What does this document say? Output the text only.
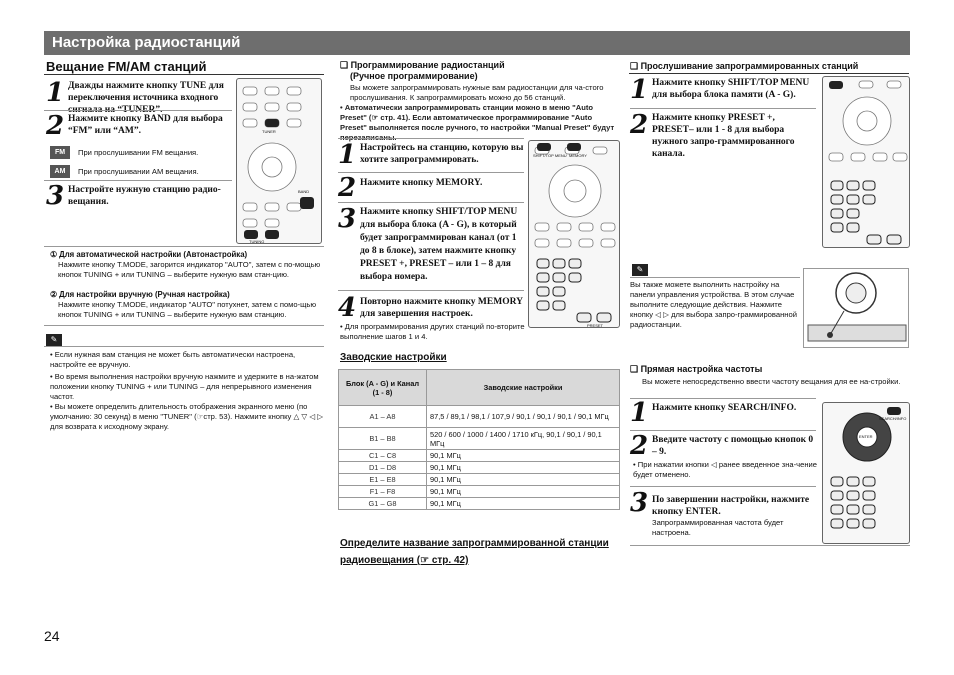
Настройка радиостанций
Вещание FM/AM станций
1 Дважды нажмите кнопку TUNE для переключения источника входного сигнала на “TUNER”.
2 Нажмите кнопку BAND для выбора “FM” или “AM”.
FM	При прослушивании FM вещания.
AM	При прослушивании AM вещания.
3 Настройте нужную станцию радио-вещания.
TUNER
BAND
TUNING
① Для автоматической настройки (Автонастройка)
Нажмите кнопку T.MODE, загорится индикатор "AUTO", затем с по-мощью кнопок TUNING + или TUNING – выберите нужную вам стан-цию.
② Для настройки вручную (Ручная настройка)
Нажмите кнопку T.MODE, индикатор "AUTO" потухнет, затем с помо-щью кнопок TUNING + или TUNING – выберите нужную вам станцию.
✎
• Если нужная вам станция не может быть автоматически настроена, настройте ее вручную.
• Во время выполнения настройки вручную нажмите и удержите в на-жатом положении кнопку TUNING + или TUNING – для непрерывного изменения частот.
• Вы можете определить длительность отображения экранного меню (по умолчанию: 30 секунд) в меню "TUNER" (☞стр. 53). Нажмите кнопку △ ▽ ◁ ▷ для возврата к исходному экрану.
24
❑ Программирование радиостанций
(Ручное программирование)
Вы можете запрограммировать нужные вам радиостанции для ча-стого прослушивания. К запрограммировать можно до 56 станций.
• Автоматически запрограммировать станции можно в меню "Auto Preset" (☞ стр. 41). Если автоматическое программирование "Auto Preset" выполняется после ручного, то настройки "Manual Preset" будут перезаписаны.
1 Настройтесь на станцию, которую вы хотите запрограммировать.
2 Нажмите кнопку MEMORY.
3 Нажмите кнопку SHIFT/TOP MENU для выбора блока (A - G), в который будет запрограммирован канал (от 1 до 8 в блоке), затем нажмите кнопку PRESET +, PRESET – или 1 – 8 для выбора номера.
4 Повторно нажмите кнопку MEMORY для завершения настроек.
• Для программирования других станций по-вторите выполнение шагов 1 и 4.
SHIFT/TOP MENU MEMORY
PRESET
Заводские настройки
Блок (A - G) и Канал (1 - 8)	Заводские настройки
A1 – A8	87,5 / 89,1 / 98,1 / 107,9 / 90,1 / 90,1 / 90,1 / 90,1 МГц
B1 – B8	520 / 600 / 1000 / 1400 / 1710 кГц, 90,1 / 90,1 / 90,1 МГц
C1 – C8	90,1 МГц
D1 – D8	90,1 МГц
E1 – E8	90,1 МГц
F1 – F8	90,1 МГц
G1 – G8	90,1 МГц
Определите название запрограммированной станции
радиовещания (☞ стр. 42)
❑ Прослушивание запрограммированных станций
1 Нажмите кнопку SHIFT/TOP MENU для выбора блока памяти (A - G).
2 Нажмите кнопку PRESET +, PRESET– или 1 - 8 для выбора нужного запро-граммированного канала.
✎
Вы также можете выполнить настройку на панели управления устройства. В этом случае выполните следующие действия. Нажмите кнопку ◁ ▷ для выбора запро-граммированной радиостанции.
❑ Прямая настройка частоты
Вы можете непосредственно ввести частоту вещания для ее на-стройки.
1 Нажмите кнопку SEARCH/INFO.
2 Введите частоту с помощью кнопок 0 – 9.
• При нажатии кнопки ◁ ранее введенное зна-чение будет отменено.
3 По завершении настройки, нажмите кнопку ENTER.
Запрограммированная частота будет настроена.
SEARCH/INFO
ENTER
